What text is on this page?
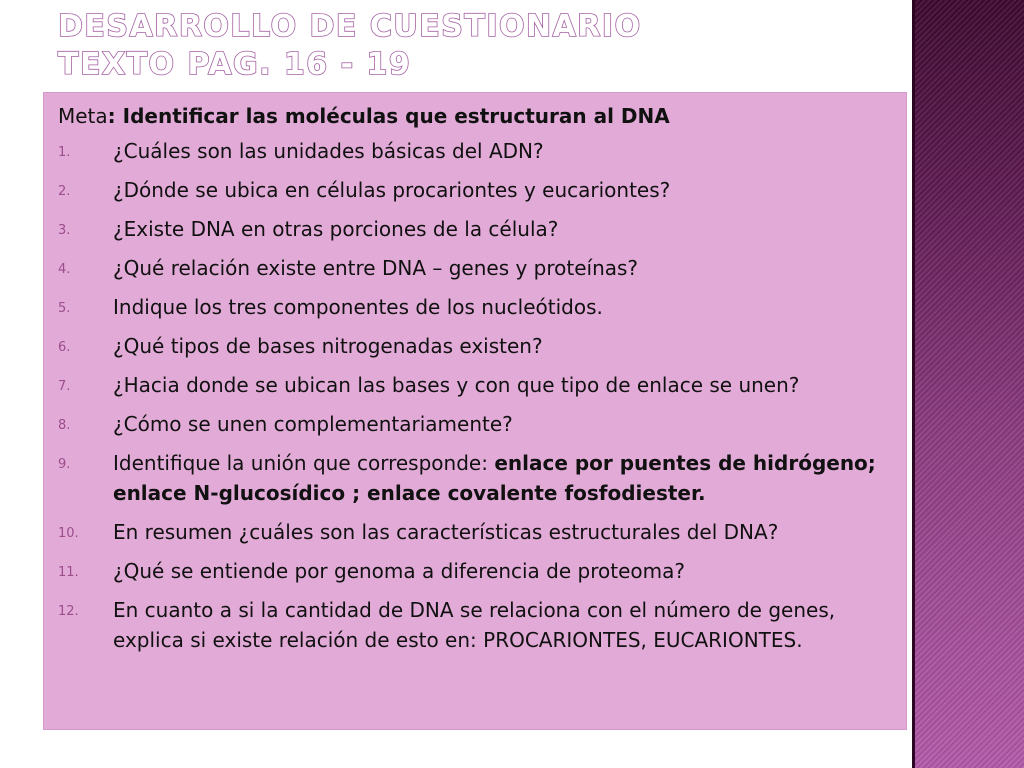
DESARROLLO DE CUESTIONARIO
TEXTO PAG. 16 - 19

Meta: Identificar las moléculas que estructuran al DNA

1.	¿Cuáles son las unidades básicas del ADN?
2.	¿Dónde se ubica en células procariontes y eucariontes?
3.	¿Existe DNA en otras porciones de la célula?
4.	¿Qué relación existe entre DNA – genes y proteínas?
5.	Indique los tres componentes de los nucleótidos.
6.	¿Qué tipos de bases nitrogenadas existen?
7.	¿Hacia donde se ubican las bases y con que tipo de enlace se unen?
8.	¿Cómo se unen complementariamente?
9.	Identifique la unión que corresponde: enlace por puentes de hidrógeno; enlace N-glucosídico ; enlace covalente fosfodiester.
10.	En resumen ¿cuáles son las características estructurales del DNA?
11.	¿Qué se entiende por genoma a diferencia de proteoma?
12.	En cuanto a si la cantidad de DNA se relaciona con el número de genes, explica si existe relación de esto en: PROCARIONTES, EUCARIONTES.
